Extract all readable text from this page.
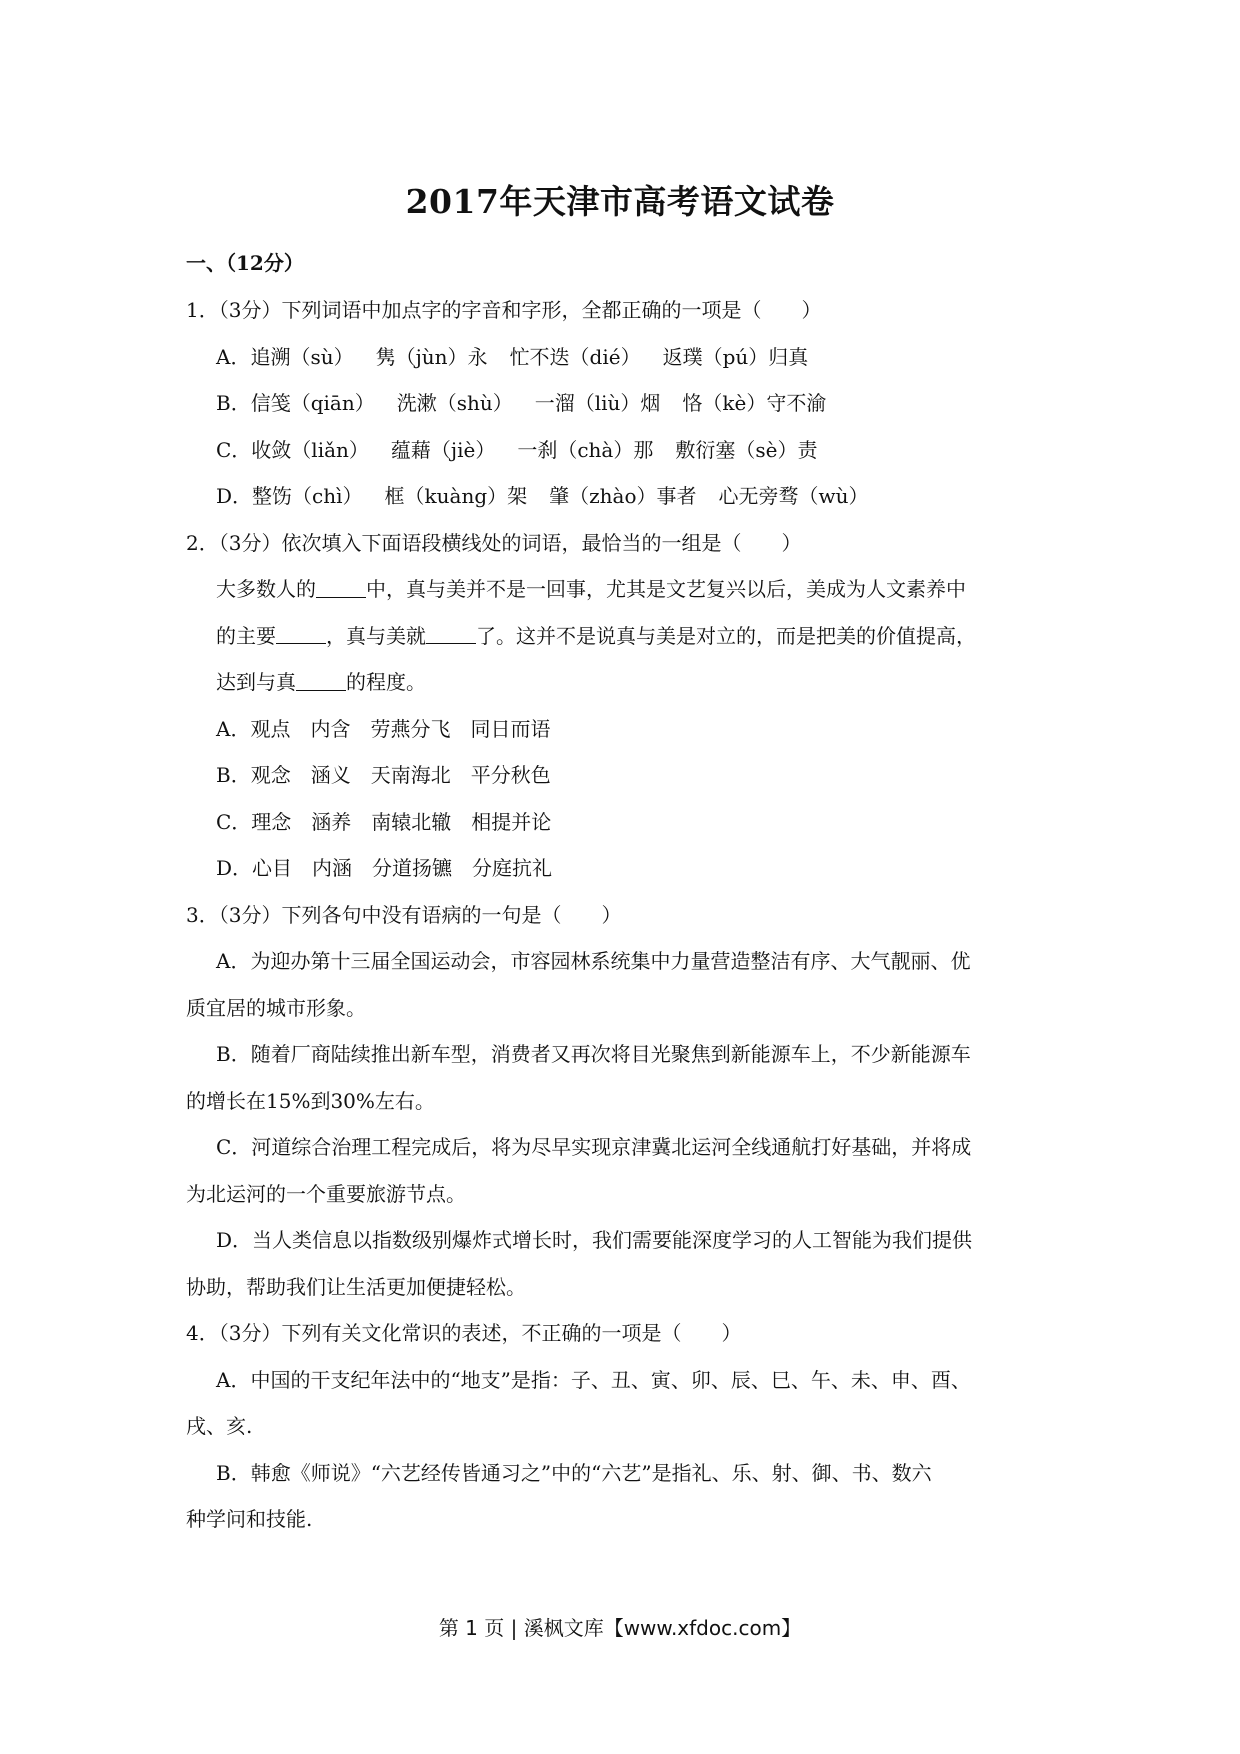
2017年天津市高考语文试卷
一、（12分）
1．（3分）下列词语中加点字的字音和字形，全都正确的一项是（　　）
A．追溯（sù） 隽（jùn）永 忙不迭（dié） 返璞（pú）归真
B．信笺（qiān） 洗漱（shù） 一溜（liù）烟 恪（kè）守不渝
C．收敛（liǎn） 蕴藉（jiè） 一刹（chà）那 敷衍塞（sè）责
D．整饬（chì） 框（kuàng）架 肇（zhào）事者 心无旁骛（wù）
2．（3分）依次填入下面语段横线处的词语，最恰当的一组是（　　）
大多数人的	中，真与美并不是一回事，尤其是文艺复兴以后，美成为人文素养中
的主要	，真与美就	了。这并不是说真与美是对立的，而是把美的价值提高，
达到与真	的程度。
A．观点　内含　劳燕分飞　同日而语
B．观念　涵义　天南海北　平分秋色
C．理念　涵养　南辕北辙　相提并论
D．心目　内涵　分道扬镳　分庭抗礼
3．（3分）下列各句中没有语病的一句是（　　）
A．为迎办第十三届全国运动会，市容园林系统集中力量营造整洁有序、大气靓丽、优
质宜居的城市形象。
B．随着厂商陆续推出新车型，消费者又再次将目光聚焦到新能源车上，不少新能源车
的增长在15%到30%左右。
C．河道综合治理工程完成后，将为尽早实现京津冀北运河全线通航打好基础，并将成
为北运河的一个重要旅游节点。
D．当人类信息以指数级别爆炸式增长时，我们需要能深度学习的人工智能为我们提供
协助，帮助我们让生活更加便捷轻松。
4．（3分）下列有关文化常识的表述，不正确的一项是（　　）
A．中国的干支纪年法中的“地支”是指：子、丑、寅、卯、辰、巳、午、未、申、酉、
戌、亥.
B．韩愈《师说》“六艺经传皆通习之”中的“六艺”是指礼、乐、射、御、书、数六
种学问和技能.
第 1 页 | 溪枫文库【www.xfdoc.com】
